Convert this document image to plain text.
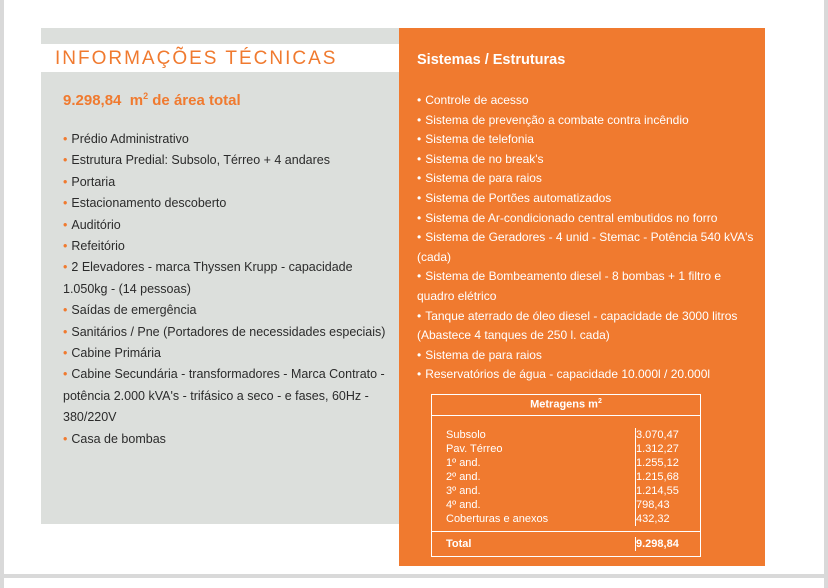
INFORMAÇÕES TÉCNICAS
9.298,84 $m^2$ de área total
• Prédio Administrativo
• Estrutura Predial: Subsolo, Térreo + 4 andares
• Portaria
• Estacionamento descoberto
• Auditório
• Refeitório
• 2 Elevadores - marca Thyssen Krupp - capacidade 1.050kg - (14 pessoas)
• Saídas de emergência
• Sanitários / Pne (Portadores de necessidades especiais)
• Cabine Primária
• Cabine Secundária - transformadores - Marca Contrato - potência 2.000 kVA's - trifásico a seco - e fases, 60Hz - 380/220V
• Casa de bombas
Sistemas / Estruturas
• Controle de acesso
• Sistema de prevenção a combate contra incêndio
• Sistema de telefonia
• Sistema de no break's
• Sistema de para raios
• Sistema de Portões automatizados
• Sistema de Ar-condicionado central embutidos no forro
• Sistema de Geradores - 4 unid - Stemac - Potência 540 kVA's (cada)
• Sistema de Bombeamento diesel - 8 bombas + 1 filtro e quadro elétrico
• Tanque aterrado de óleo diesel - capacidade de 3000 litros (Abastece 4 tanques de 250 l. cada)
• Sistema de para raios
• Reservatórios de água - capacidade 10.000l / 20.000l
Metragens $m^2$
Subsolo
Pav. Térreo
1º and.
2º and.
3º and.
4º and.
Coberturas e anexos
3.070,47
1.312,27
1.255,12
1.215,68
1.214,55
798,43
432,32
Total	9.298,84
